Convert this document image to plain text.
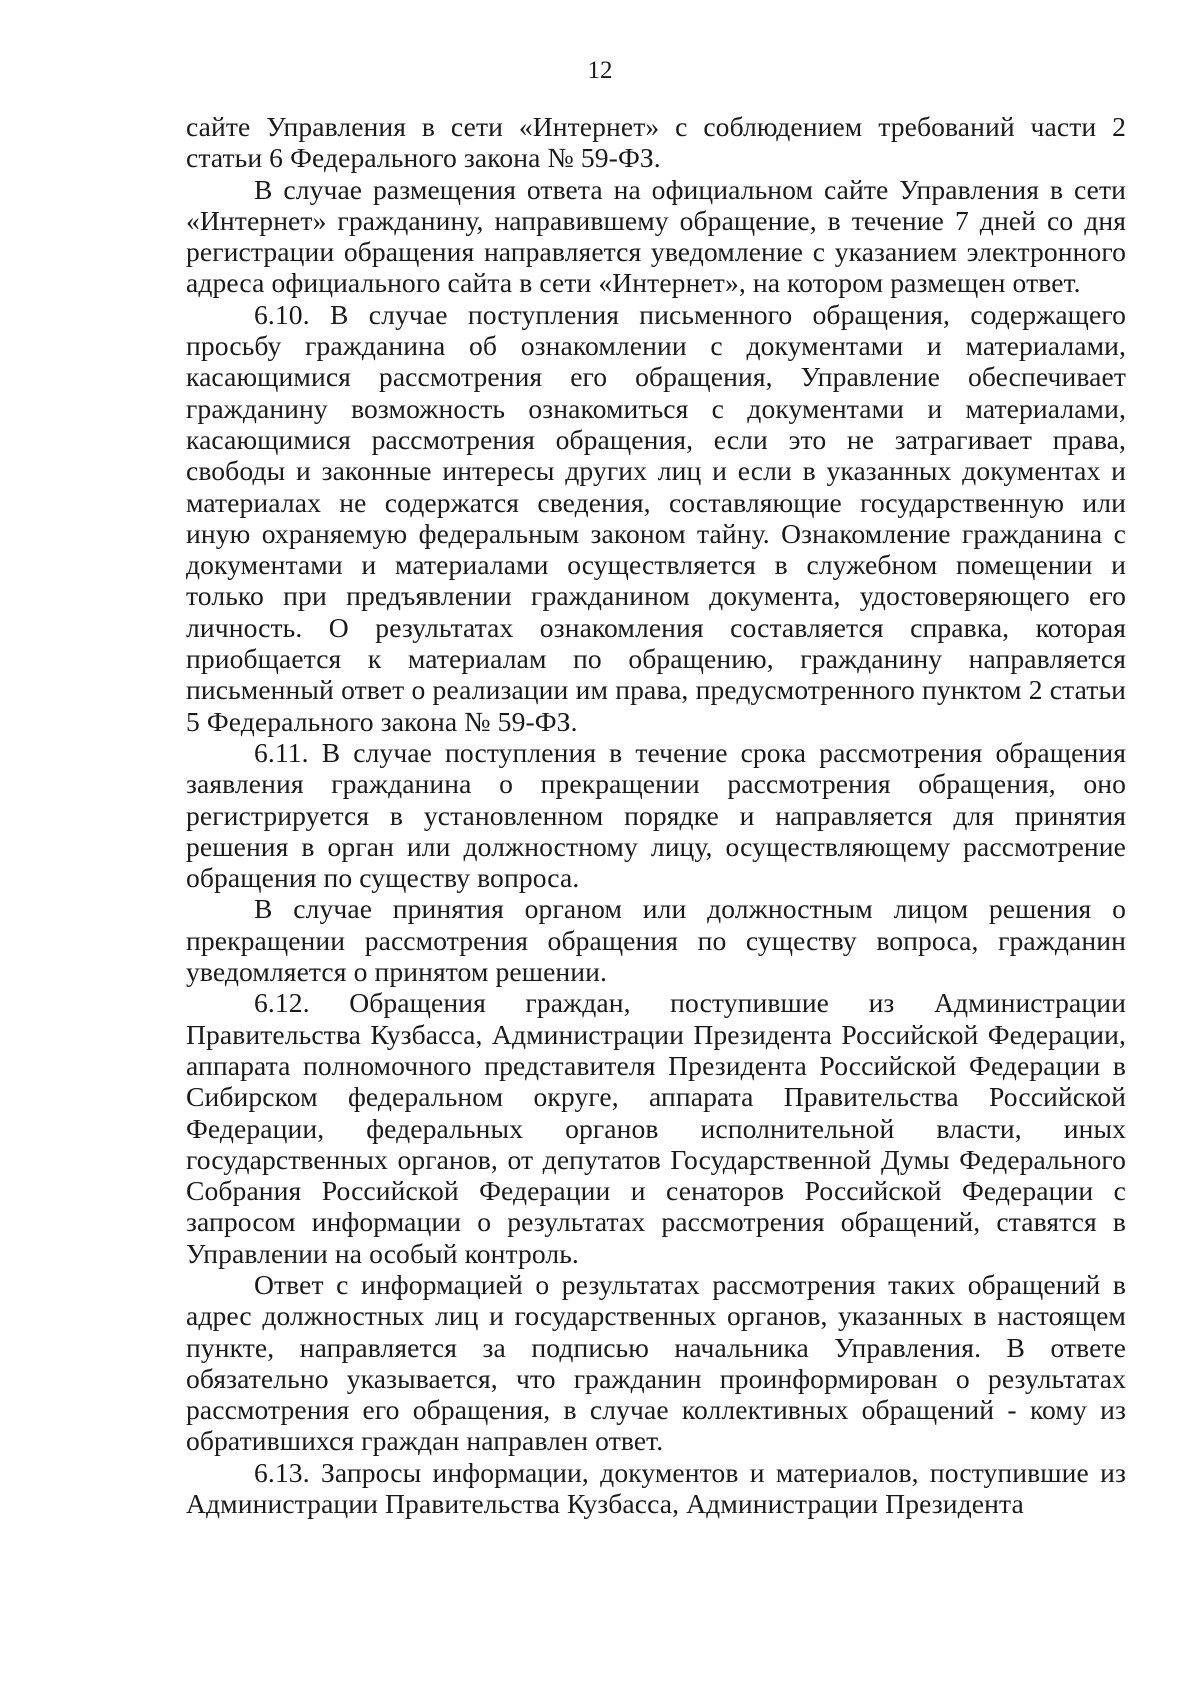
12

сайте Управления в сети «Интернет» с соблюдением требований части 2 статьи 6 Федерального закона № 59-ФЗ.

В случае размещения ответа на официальном сайте Управления в сети «Интернет» гражданину, направившему обращение, в течение 7 дней со дня регистрации обращения направляется уведомление с указанием электронного адреса официального сайта в сети «Интернет», на котором размещен ответ.

6.10. В случае поступления письменного обращения, содержащего просьбу гражданина об ознакомлении с документами и материалами, касающимися рассмотрения его обращения, Управление обеспечивает гражданину возможность ознакомиться с документами и материалами, касающимися рассмотрения обращения, если это не затрагивает права, свободы и законные интересы других лиц и если в указанных документах и материалах не содержатся сведения, составляющие государственную или иную охраняемую федеральным законом тайну. Ознакомление гражданина с документами и материалами осуществляется в служебном помещении и только при предъявлении гражданином документа, удостоверяющего его личность. О результатах ознакомления составляется справка, которая приобщается к материалам по обращению, гражданину направляется письменный ответ о реализации им права, предусмотренного пунктом 2 статьи 5 Федерального закона № 59-ФЗ.

6.11. В случае поступления в течение срока рассмотрения обращения заявления гражданина о прекращении рассмотрения обращения, оно регистрируется в установленном порядке и направляется для принятия решения в орган или должностному лицу, осуществляющему рассмотрение обращения по существу вопроса.

В случае принятия органом или должностным лицом решения о прекращении рассмотрения обращения по существу вопроса, гражданин уведомляется о принятом решении.

6.12. Обращения граждан, поступившие из Администрации Правительства Кузбасса, Администрации Президента Российской Федерации, аппарата полномочного представителя Президента Российской Федерации в Сибирском федеральном округе, аппарата Правительства Российской Федерации, федеральных органов исполнительной власти, иных государственных органов, от депутатов Государственной Думы Федерального Собрания Российской Федерации и сенаторов Российской Федерации с запросом информации о результатах рассмотрения обращений, ставятся в Управлении на особый контроль.

Ответ с информацией о результатах рассмотрения таких обращений в адрес должностных лиц и государственных органов, указанных в настоящем пункте, направляется за подписью начальника Управления. В ответе обязательно указывается, что гражданин проинформирован о результатах рассмотрения его обращения, в случае коллективных обращений - кому из обратившихся граждан направлен ответ.

6.13. Запросы информации, документов и материалов, поступившие из Администрации Правительства Кузбасса, Администрации Президента
